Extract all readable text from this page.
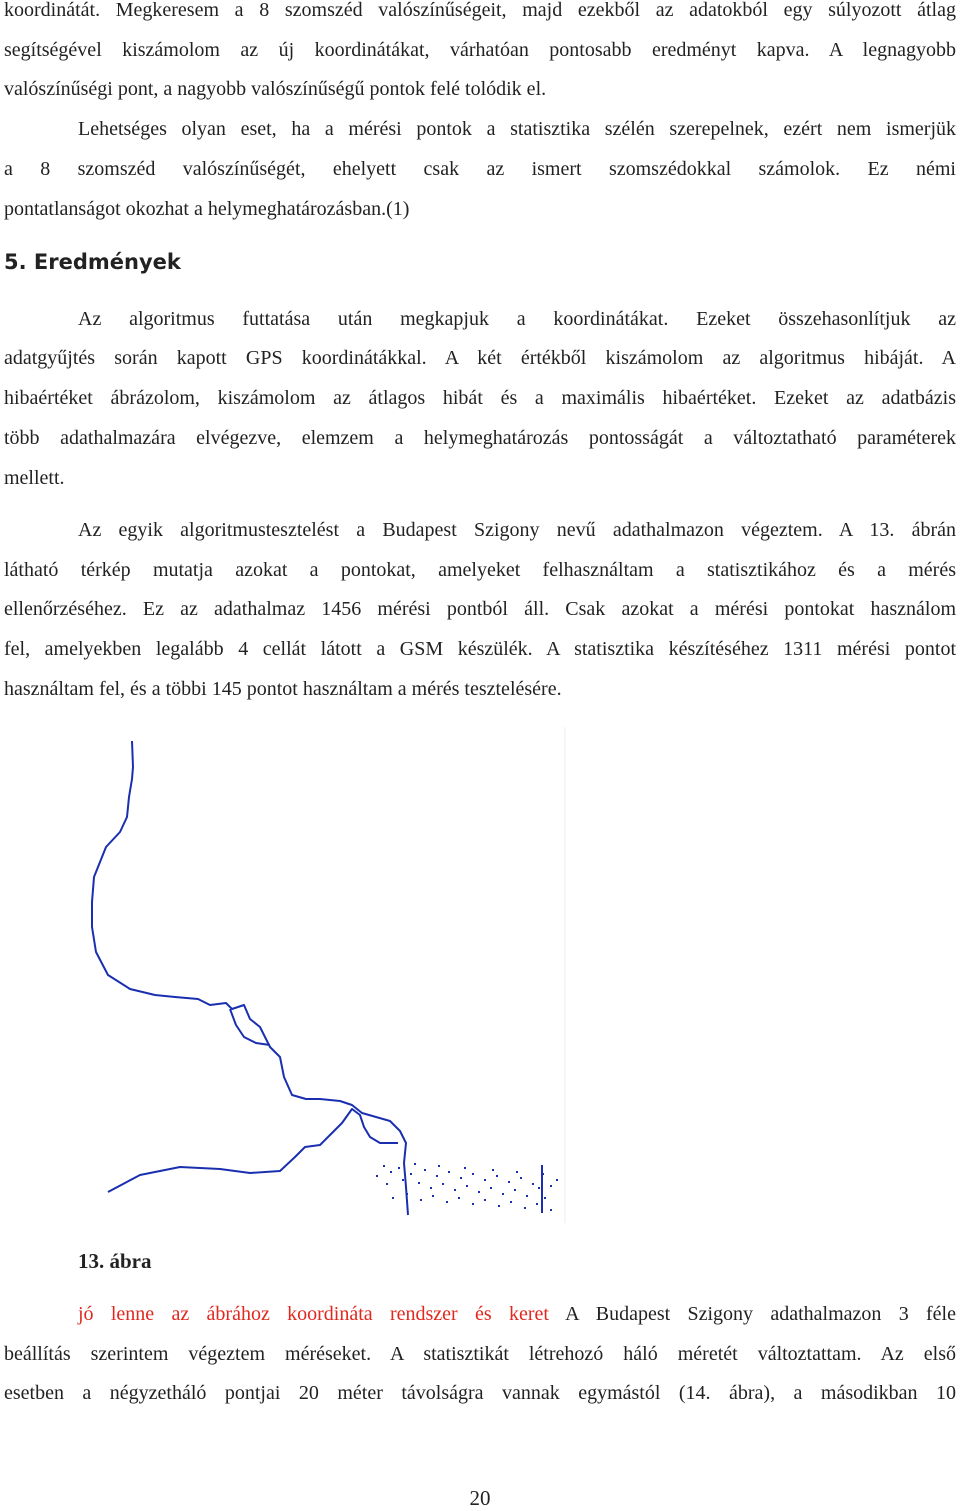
koordinátát. Megkeresem a 8 szomszéd valószínűségeit, majd ezekből az adatokból egy súlyozott átlag
segítségével kiszámolom az új koordinátákat, várhatóan pontosabb eredményt kapva. A legnagyobb
valószínűségi pont, a nagyobb valószínűségű pontok felé tolódik el.
Lehetséges olyan eset, ha a mérési pontok a statisztika szélén szerepelnek, ezért nem ismerjük
a 8 szomszéd valószínűségét, ehelyett csak az ismert szomszédokkal számolok. Ez némi
pontatlanságot okozhat a helymeghatározásban.(1)
5. Eredmények
Az algoritmus futtatása után megkapjuk a koordinátákat. Ezeket összehasonlítjuk az
adatgyűjtés során kapott GPS koordinátákkal. A két értékből kiszámolom az algoritmus hibáját. A
hibaértéket ábrázolom, kiszámolom az átlagos hibát és a maximális hibaértéket. Ezeket az adatbázis
több adathalmazára elvégezve, elemzem a helymeghatározás pontosságát a változtatható paraméterek
mellett.
Az egyik algoritmustesztelést a Budapest Szigony nevű adathalmazon végeztem. A 13. ábrán
látható térkép mutatja azokat a pontokat, amelyeket felhasználtam a statisztikához és a mérés
ellenőrzéséhez. Ez az adathalmaz 1456 mérési pontból áll. Csak azokat a mérési pontokat használom
fel, amelyekben legalább 4 cellát látott a GSM készülék. A statisztika készítéséhez 1311 mérési pontot
használtam fel, és a többi 145 pontot használtam a mérés tesztelésére.
13. ábra
jó lenne az ábrához koordináta rendszer és keret A Budapest Szigony adathalmazon 3 féle
beállítás szerintem végeztem méréseket. A statisztikát létrehozó háló méretét változtattam. Az első
esetben a négyzetháló pontjai 20 méter távolságra vannak egymástól (14. ábra), a másodikban 10
20
